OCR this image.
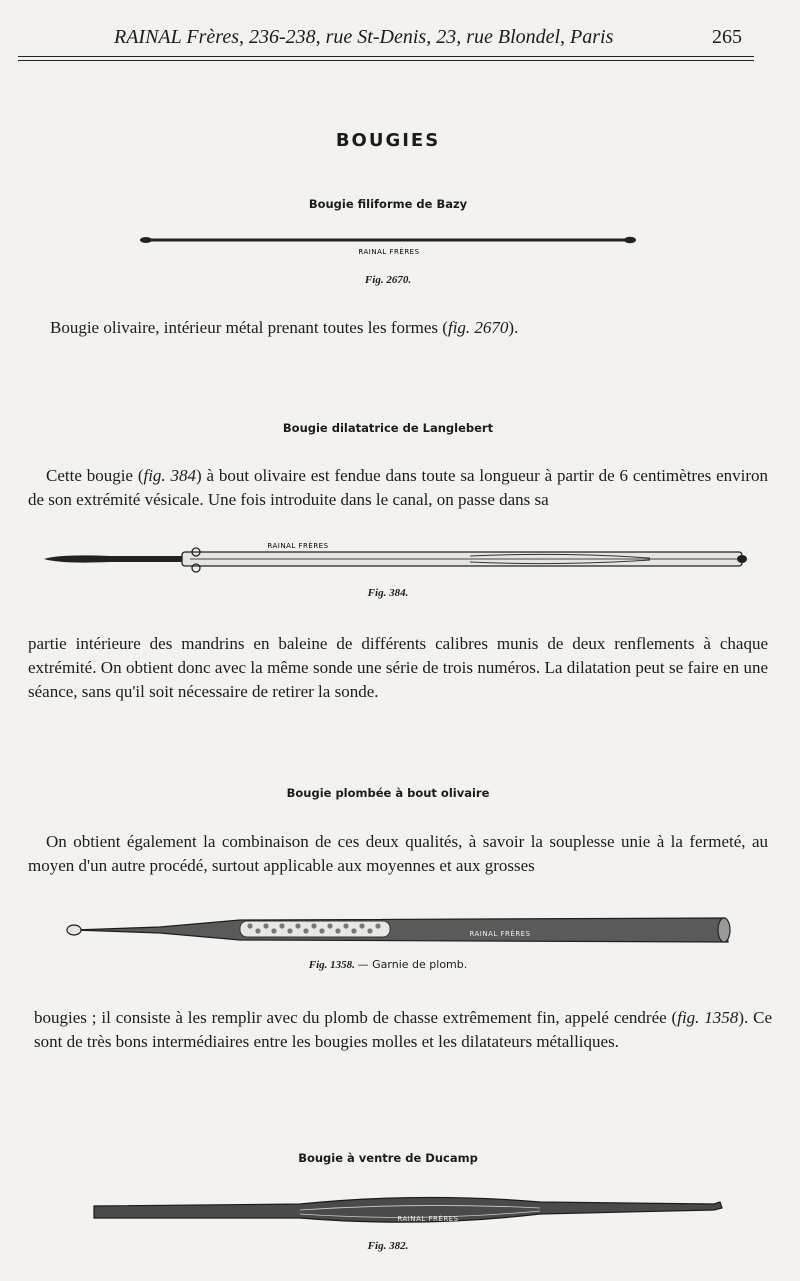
RAINAL Frères, 236-238, rue St-Denis, 23, rue Blondel, Paris	265
BOUGIES
Bougie filiforme de Bazy
RAINAL FRÈRES
Fig. 2670.
Bougie olivaire, intérieur métal prenant toutes les formes (fig. 2670).
Bougie dilatatrice de Langlebert
Cette bougie (fig. 384) à bout olivaire est fendue dans toute sa longueur à partir de 6 centimètres environ de son extrémité vésicale. Une fois introduite dans le canal, on passe dans sa
RAINAL FRÈRES
Fig. 384.
partie intérieure des mandrins en baleine de différents calibres munis de deux renflements à chaque extrémité. On obtient donc avec la même sonde une série de trois numéros. La dilatation peut se faire en une séance, sans qu'il soit nécessaire de retirer la sonde.
Bougie plombée à bout olivaire
On obtient également la combinaison de ces deux qualités, à savoir la souplesse unie à la fermeté, au moyen d'un autre procédé, surtout applicable aux moyennes et aux grosses
RAINAL FRÈRES
Fig. 1358. — Garnie de plomb.
bougies ; il consiste à les remplir avec du plomb de chasse extrêmement fin, appelé cendrée (fig. 1358). Ce sont de très bons intermédiaires entre les bougies molles et les dilatateurs métalliques.
Bougie à ventre de Ducamp
RAINAL FRÈRES
Fig. 382.
